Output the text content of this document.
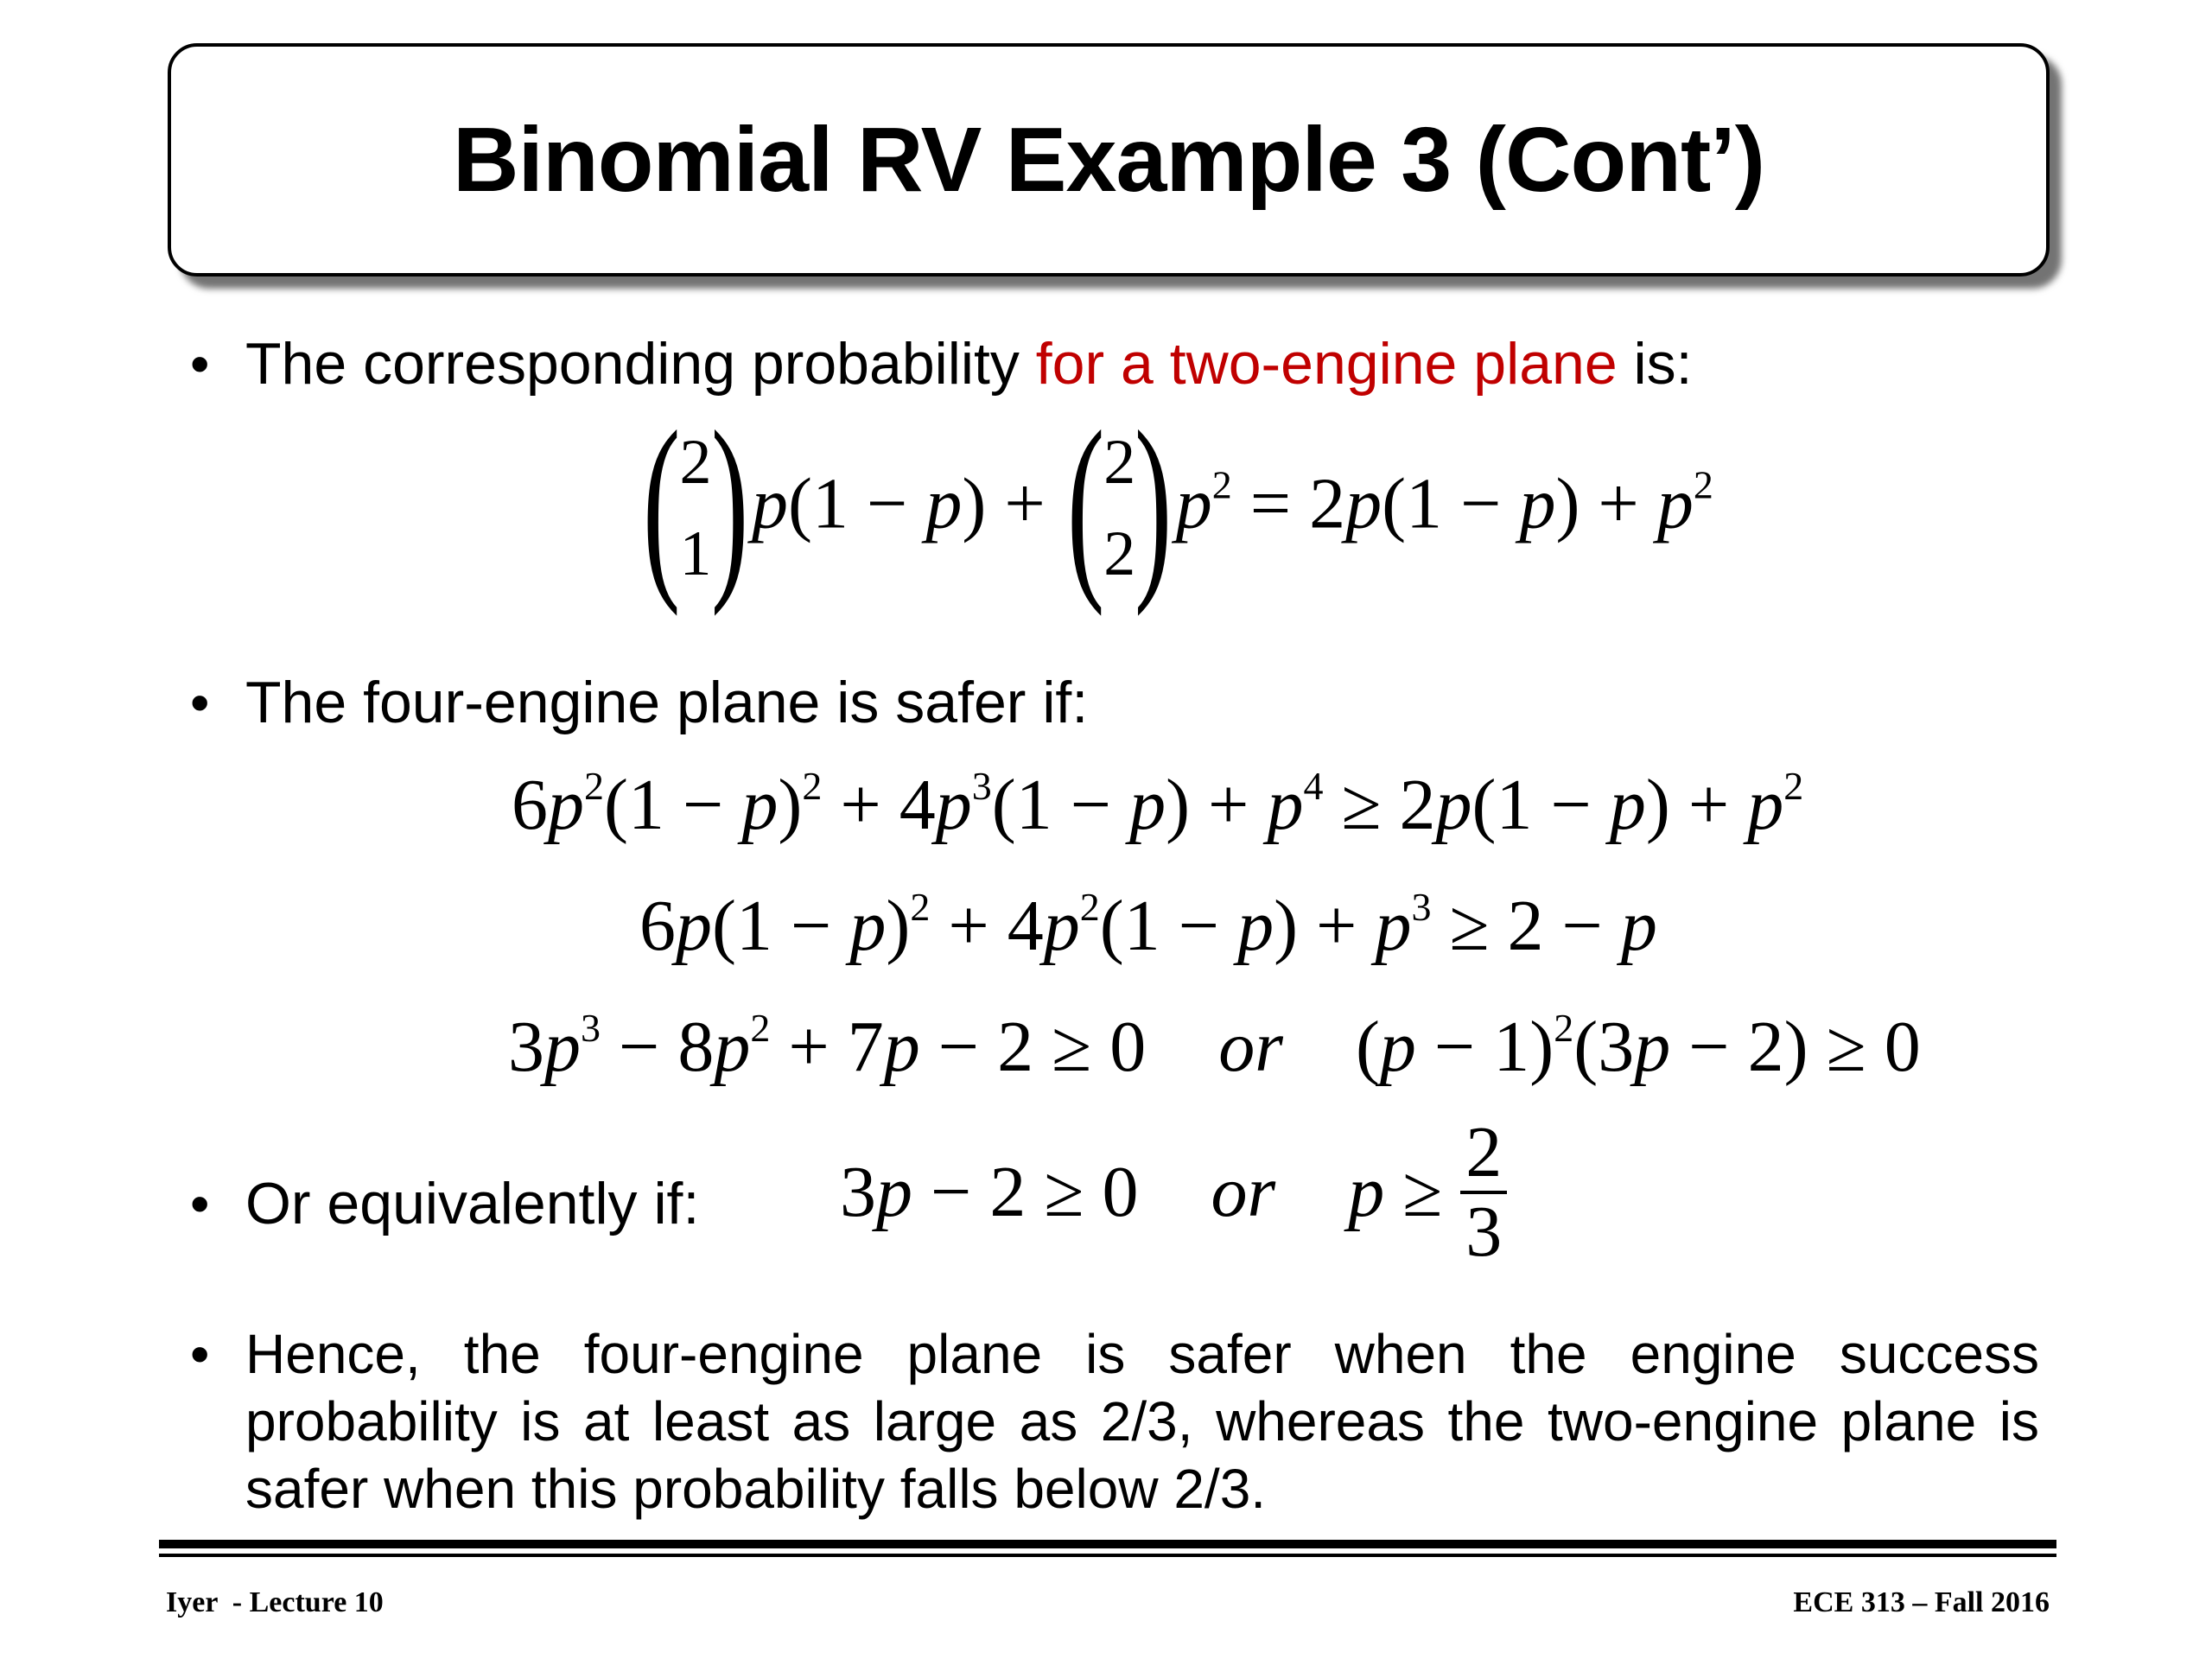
Binomial RV Example 3 (Cont’)
• The corresponding probability for a two-engine plane is:
( 2
1 ) p(1 − p) + ( 2
2 ) $p^2 = 2p(1 - p) + p^2$
• The four-engine plane is safer if:
$6p^2(1 - p)^2 + 4p^3(1 - p) + p^4 \ge 2p(1 - p) + p^2$
$6p(1 - p)^2 + 4p^2(1 - p) + p^3 \ge 2 - p$
$3p^3 - 8p^2 + 7p - 2 \ge 0$    or    $(p - 1)^2(3p - 2) \ge 0$
• Or equivalently if: 3p − 2 ≥ 0    or $p \ge \frac{2}{3}$
• Hence, the four-engine plane is safer when the engine success probability is at least as large as 2/3, whereas the two-engine plane is safer when this probability falls below 2/3.
Iyer  - Lecture 10	ECE 313 – Fall 2016
